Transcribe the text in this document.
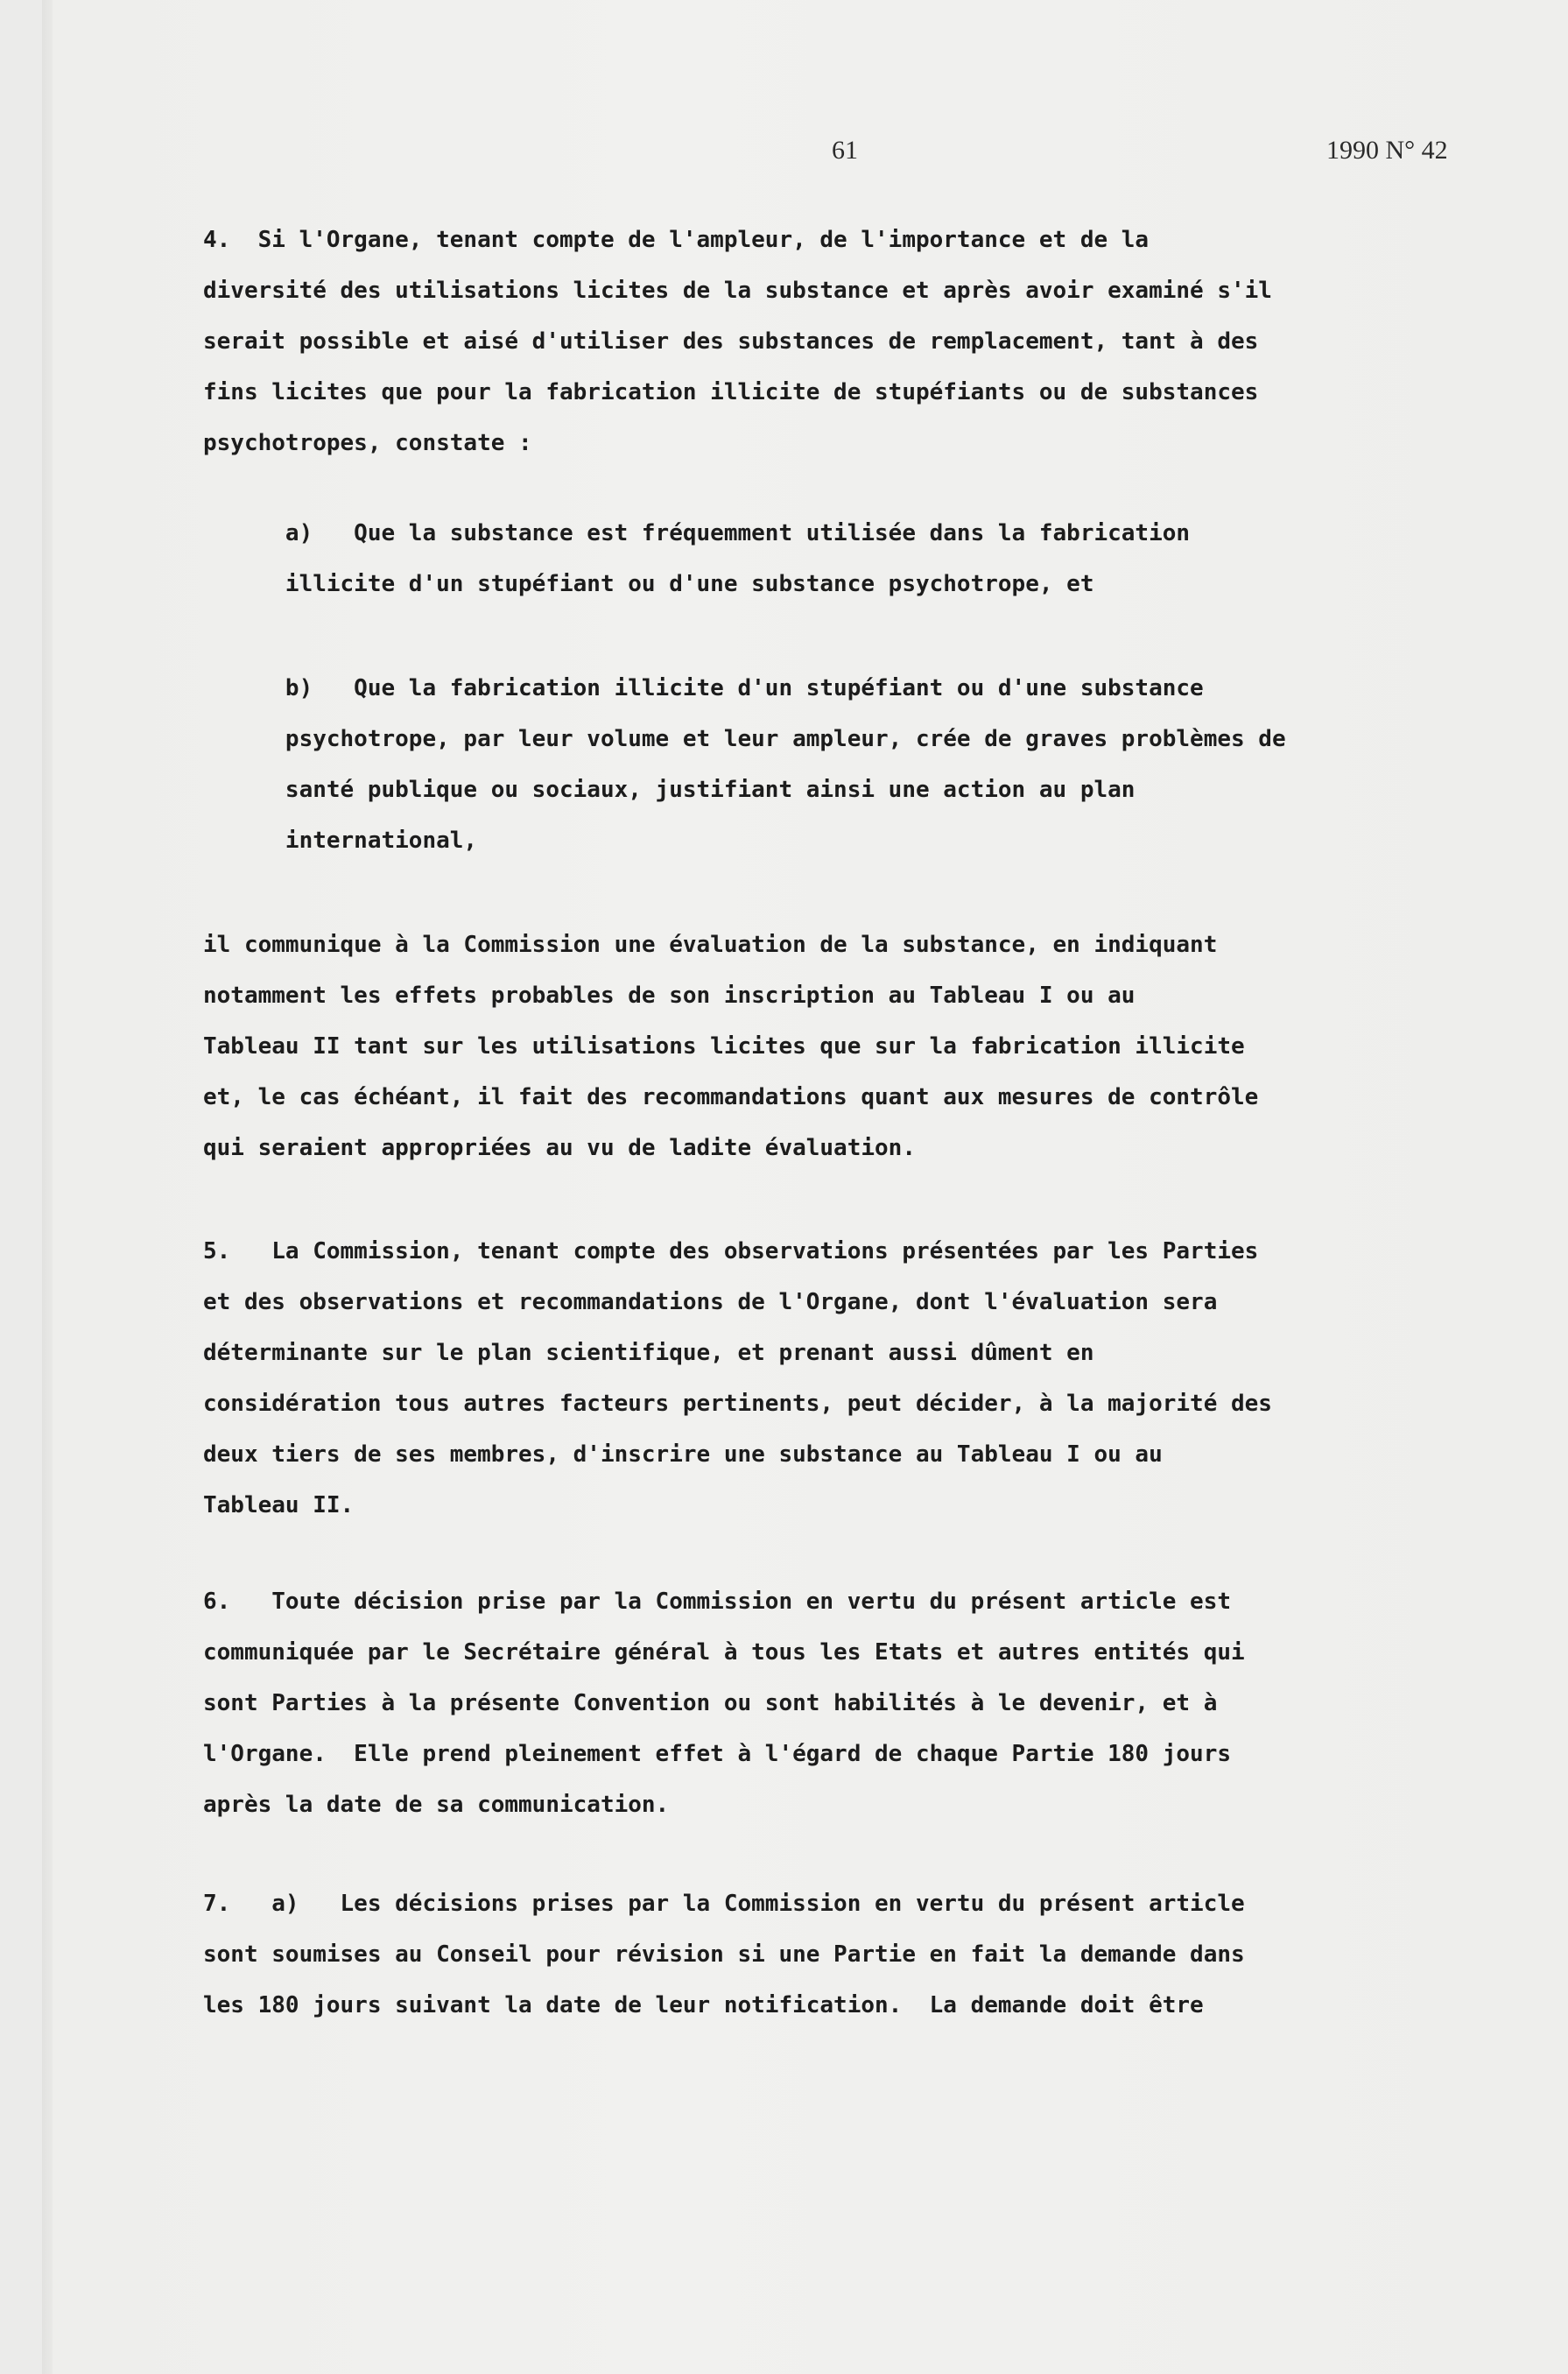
61	1990 N° 42
4.  Si l'Organe, tenant compte de l'ampleur, de l'importance et de la
diversité des utilisations licites de la substance et après avoir examiné s'il
serait possible et aisé d'utiliser des substances de remplacement, tant à des
fins licites que pour la fabrication illicite de stupéfiants ou de substances
psychotropes, constate :
a)   Que la substance est fréquemment utilisée dans la fabrication
illicite d'un stupéfiant ou d'une substance psychotrope, et
b)   Que la fabrication illicite d'un stupéfiant ou d'une substance
psychotrope, par leur volume et leur ampleur, crée de graves problèmes de
santé publique ou sociaux, justifiant ainsi une action au plan
international,
il communique à la Commission une évaluation de la substance, en indiquant
notamment les effets probables de son inscription au Tableau I ou au
Tableau II tant sur les utilisations licites que sur la fabrication illicite
et, le cas échéant, il fait des recommandations quant aux mesures de contrôle
qui seraient appropriées au vu de ladite évaluation.
5.   La Commission, tenant compte des observations présentées par les Parties
et des observations et recommandations de l'Organe, dont l'évaluation sera
déterminante sur le plan scientifique, et prenant aussi dûment en
considération tous autres facteurs pertinents, peut décider, à la majorité des
deux tiers de ses membres, d'inscrire une substance au Tableau I ou au
Tableau II.
6.   Toute décision prise par la Commission en vertu du présent article est
communiquée par le Secrétaire général à tous les Etats et autres entités qui
sont Parties à la présente Convention ou sont habilités à le devenir, et à
l'Organe.  Elle prend pleinement effet à l'égard de chaque Partie 180 jours
après la date de sa communication.
7.   a)   Les décisions prises par la Commission en vertu du présent article
sont soumises au Conseil pour révision si une Partie en fait la demande dans
les 180 jours suivant la date de leur notification.  La demande doit être
